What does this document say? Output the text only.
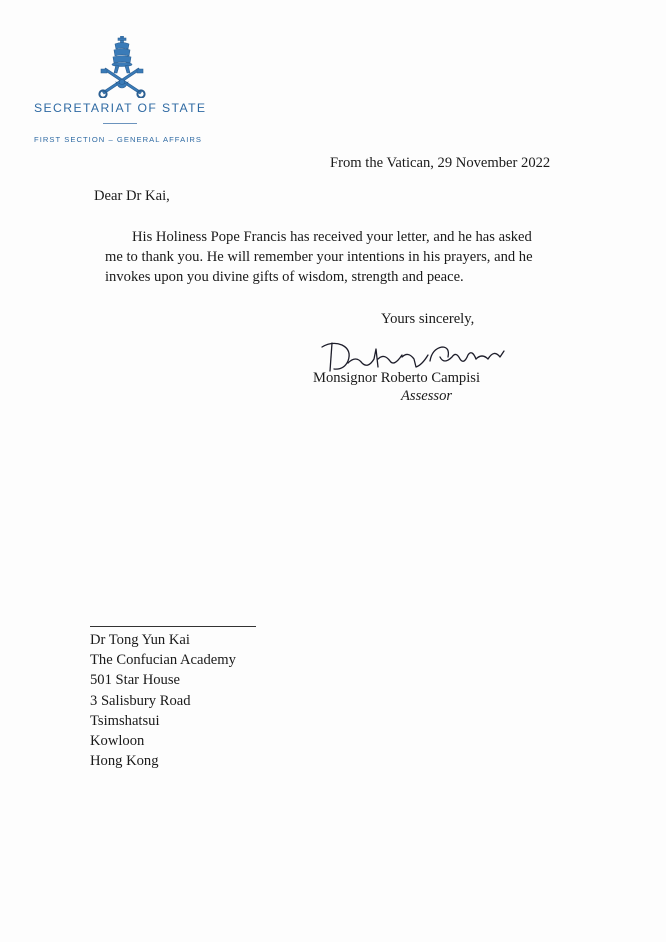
SECRETARIAT OF STATE
FIRST SECTION – GENERAL AFFAIRS
From the Vatican, 29 November 2022
Dear Dr Kai,
His Holiness Pope Francis has received your letter, and he has asked
me to thank you. He will remember your intentions in his prayers, and he
invokes upon you divine gifts of wisdom, strength and peace.
Yours sincerely,
Monsignor Roberto Campisi
Assessor
Dr Tong Yun Kai
The Confucian Academy
501 Star House
3 Salisbury Road
Tsimshatsui
Kowloon
Hong Kong
